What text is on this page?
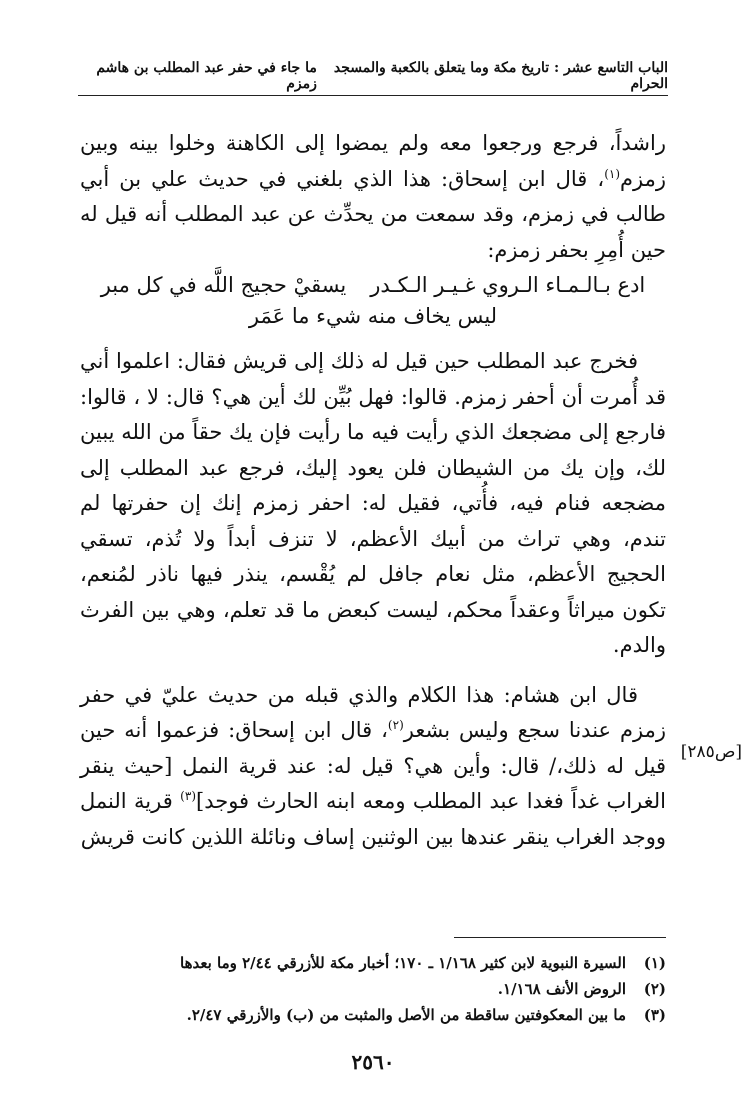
الباب التاسع عشر : تاريخ مكة وما يتعلق بالكعبة والمسجد الحرام
ما جاء في حفر عبد المطلب بن هاشم زمزم

راشداً، فرجع ورجعوا معه ولم يمضوا إلى الكاهنة وخلوا بينه وبين زمزم$^{(١)}$، قال ابن إسحاق: هذا الذي بلغني في حديث علي بن أبي طالب في زمزم، وقد سمعت من يحدِّث عن عبد المطلب أنه قيل له حين أُمِرِ بحفر زمزم:

ادع بـالـمـاء الـروي غـيـر الـكـدريسقيْ حجيج اللَّه في كل مبر
ليس يخاف منه شيء ما عَمَر

فخرج عبد المطلب حين قيل له ذلك إلى قريش فقال: اعلموا أني قد أُمرت أن أحفر زمزم. قالوا: فهل بُيِّن لك أين هي؟ قال: لا ، قالوا: فارجع إلى مضجعك الذي رأيت فيه ما رأيت فإن يك حقاً من الله يبين لك، وإن يك من الشيطان فلن يعود إليك، فرجع عبد المطلب إلى مضجعه فنام فيه، فأُتي، فقيل له: احفر زمزم إنك إن حفرتها لم تندم، وهي تراث من أبيك الأعظم، لا تنزف أبداً ولا تُذم، تسقي الحجيج الأعظم، مثل نعام جافل لم يُقْسم، ينذر فيها ناذر لمُنعم، تكون ميراثاً وعقداً محكم، ليست كبعض ما قد تعلم، وهي بين الفرث والدم.

قال ابن هشام: هذا الكلام والذي قبله من حديث عليّ في حفر زمزم عندنا سجع وليس بشعر$^{(٢)}$، قال ابن إسحاق: فزعموا أنه حين قيل له ذلك،/ قال: وأين هي؟ قيل له: عند قرية النمل [حيث ينقر الغراب غداً فغدا عبد المطلب ومعه ابنه الحارث فوجد]$^{(٣)}$ قرية النمل ووجد الغراب ينقر عندها بين الوثنين إساف ونائلة اللذين كانت قريش

[ص٢٨٥]
(١)السيرة النبوية لابن كثير ١/١٦٨ ـ ١٧٠؛ أخبار مكة للأزرقي ٢/٤٤ وما بعدها
(٢)الروض الأنف ١/١٦٨.
(٣)ما بين المعكوفتين ساقطة من الأصل والمثبت من (ب) والأزرقي ٢/٤٧.
٢٥٦٠
